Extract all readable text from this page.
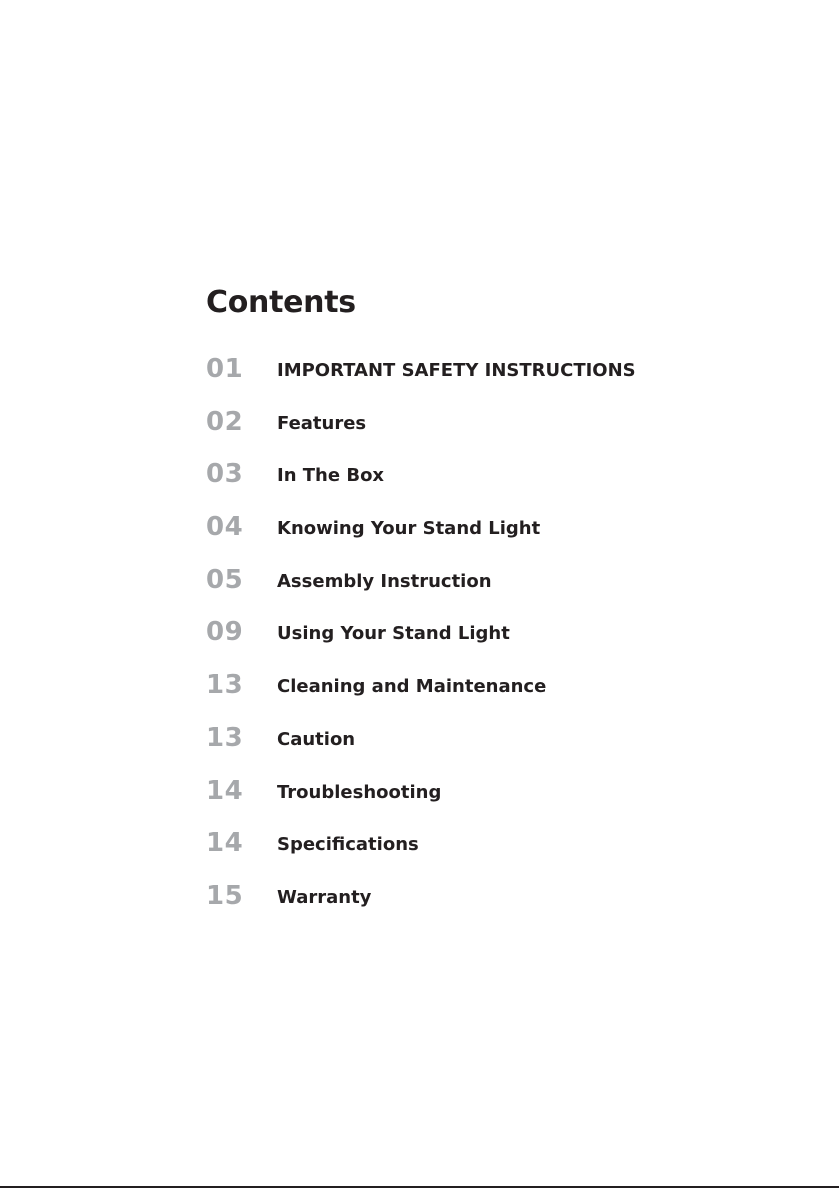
Contents
01 IMPORTANT SAFETY INSTRUCTIONS
02 Features
03 In The Box
04 Knowing Your Stand Light
05 Assembly Instruction
09 Using Your Stand Light
13 Cleaning and Maintenance
13 Caution
14 Troubleshooting
14 Specifications
15 Warranty
